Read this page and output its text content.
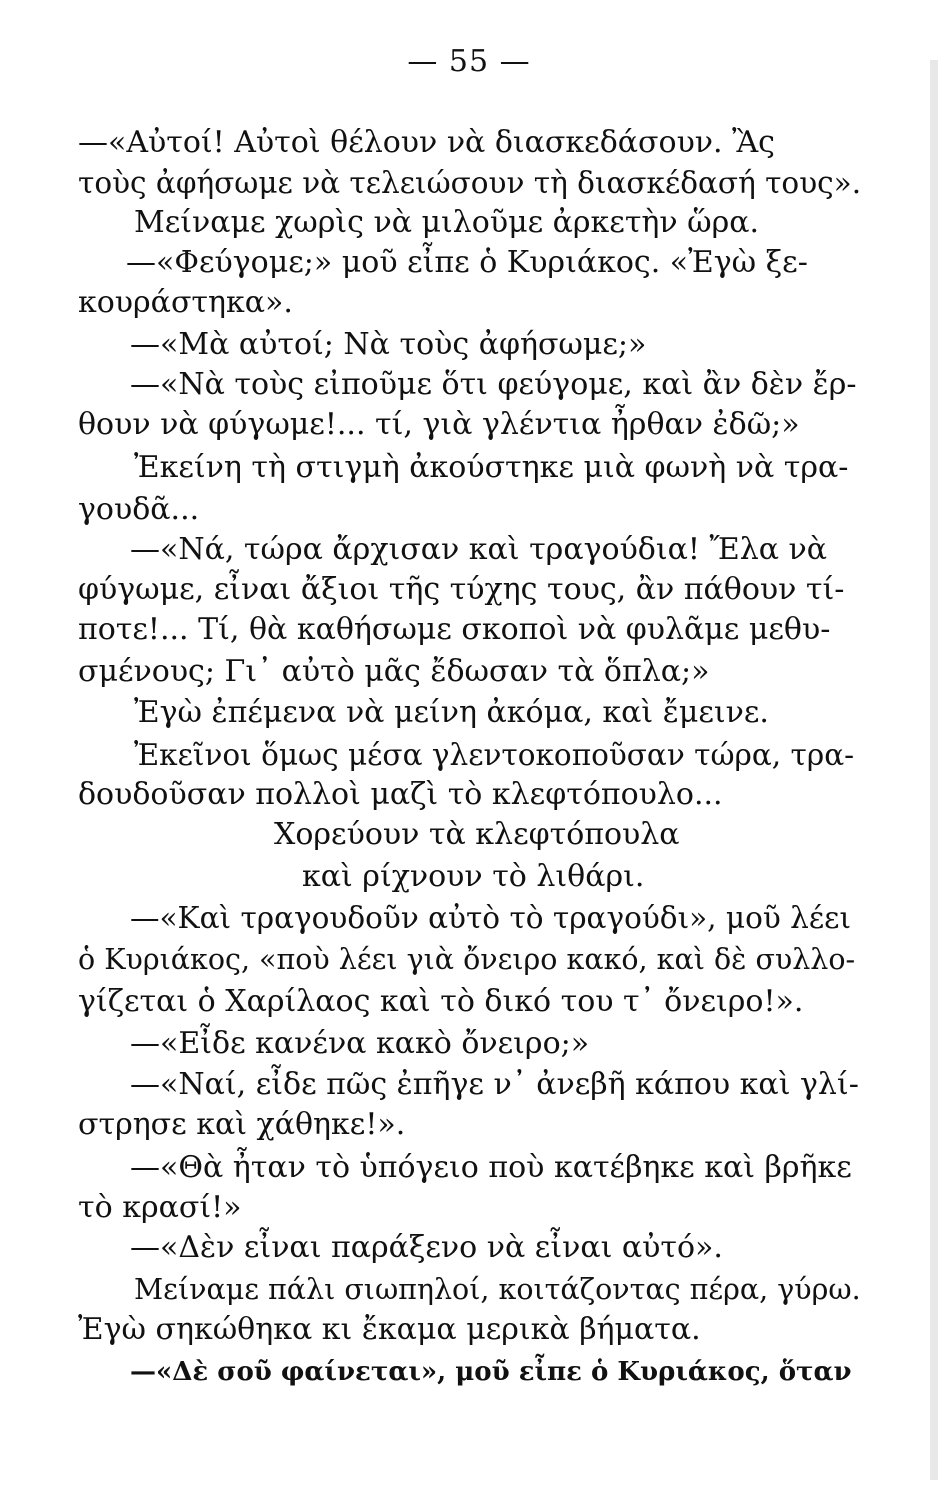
— 55 —
—«Αὐτοί! Αὐτοὶ θέλουν νὰ διασκεδάσουν. Ἂς
τοὺς ἀφήσωμε νὰ τελειώσουν τὴ διασκέδασή τους».
Μείναμε χωρὶς νὰ μιλοῦμε ἀρκετὴν ὥρα.
—«Φεύγομε;» μοῦ εἶπε ὁ Κυριάκος. «Ἐγὼ ξε-
κουράστηκα».
—«Μὰ αὐτοί; Νὰ τοὺς ἀφήσωμε;»
—«Νὰ τοὺς εἰποῦμε ὅτι φεύγομε, καὶ ἂν δὲν ἔρ-
θουν νὰ φύγωμε!... τί, γιὰ γλέντια ἦρθαν ἐδῶ;»
Ἐκείνη τὴ στιγμὴ ἀκούστηκε μιὰ φωνὴ νὰ τρα-
γουδᾶ...
—«Νά, τώρα ἄρχισαν καὶ τραγούδια! Ἔλα νὰ
φύγωμε, εἶναι ἄξιοι τῆς τύχης τους, ἂν πάθουν τί-
ποτε!... Τί, θὰ καθήσωμε σκοποὶ νὰ φυλᾶμε μεθυ-
σμένους; Γι᾿ αὐτὸ μᾶς ἔδωσαν τὰ ὅπλα;»
Ἐγὼ ἐπέμενα νὰ μείνη ἀκόμα, καὶ ἔμεινε.
Ἐκεῖνοι ὅμως μέσα γλεντοκοποῦσαν τώρα, τρα-
δουδοῦσαν πολλοὶ μαζὶ τὸ κλεφτόπουλο...
Χορεύουν τὰ κλεφτόπουλα
καὶ ρίχνουν τὸ λιθάρι.
—«Καὶ τραγουδοῦν αὐτὸ τὸ τραγούδι», μοῦ λέει
ὁ Κυριάκος, «ποὺ λέει γιὰ ὄνειρο κακό, καὶ δὲ συλλο-
γίζεται ὁ Χαρίλαος καὶ τὸ δικό του τ᾿ ὄνειρο!».
—«Εἶδε κανένα κακὸ ὄνειρο;»
—«Ναί, εἶδε πῶς ἐπῆγε ν᾿ ἀνεβῆ κάπου καὶ γλί-
στρησε καὶ χάθηκε!».
—«Θὰ ἦταν τὸ ὑπόγειο ποὺ κατέβηκε καὶ βρῆκε
τὸ κρασί!»
—«Δὲν εἶναι παράξενο νὰ εἶναι αὐτό».
Μείναμε πάλι σιωπηλοί, κοιτάζοντας πέρα, γύρω.
Ἐγὼ σηκώθηκα κι ἔκαμα μερικὰ βήματα.
—«Δὲ σοῦ φαίνεται», μοῦ εἶπε ὁ Κυριάκος, ὅταν
